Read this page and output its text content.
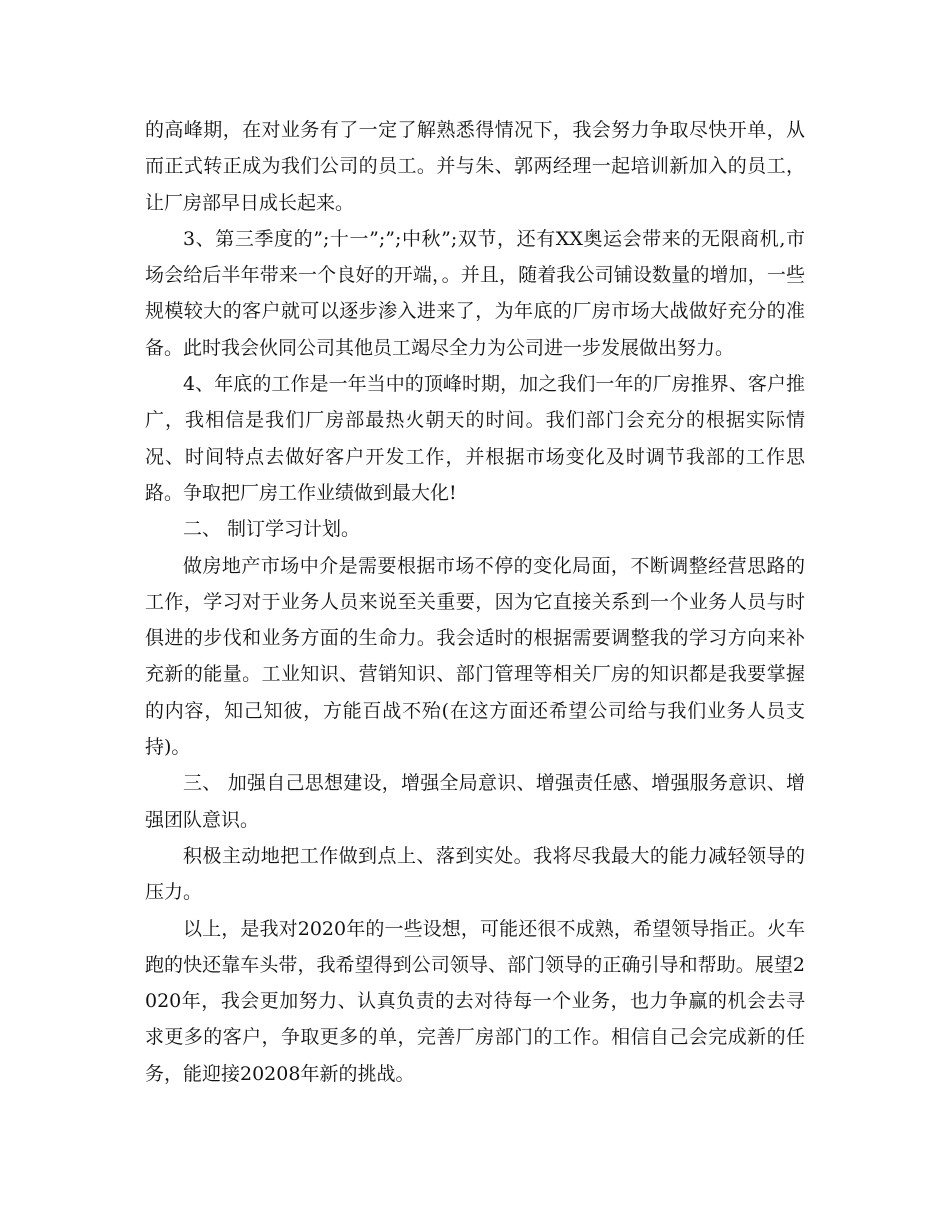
的高峰期，在对业务有了一定了解熟悉得情况下，我会努力争取尽快开单，从而正式转正成为我们公司的员工。并与朱、郭两经理一起培训新加入的员工，让厂房部早日成长起来。

3、第三季度的”;十一”;”;中秋”;双节，还有XX奥运会带来的无限商机,市场会给后半年带来一个良好的开端，。并且，随着我公司铺设数量的增加，一些规模较大的客户就可以逐步渗入进来了，为年底的厂房市场大战做好充分的准备。此时我会伙同公司其他员工竭尽全力为公司进一步发展做出努力。

4、年底的工作是一年当中的顶峰时期，加之我们一年的厂房推界、客户推广，我相信是我们厂房部最热火朝天的时间。我们部门会充分的根据实际情况、时间特点去做好客户开发工作，并根据市场变化及时调节我部的工作思路。争取把厂房工作业绩做到最大化!

二、 制订学习计划。

做房地产市场中介是需要根据市场不停的变化局面，不断调整经营思路的工作，学习对于业务人员来说至关重要，因为它直接关系到一个业务人员与时俱进的步伐和业务方面的生命力。我会适时的根据需要调整我的学习方向来补充新的能量。工业知识、营销知识、部门管理等相关厂房的知识都是我要掌握的内容，知己知彼，方能百战不殆(在这方面还希望公司给与我们业务人员支持)。

三、 加强自己思想建设，增强全局意识、增强责任感、增强服务意识、增强团队意识。

积极主动地把工作做到点上、落到实处。我将尽我最大的能力减轻领导的压力。

以上，是我对2020年的一些设想，可能还很不成熟，希望领导指正。火车跑的快还靠车头带，我希望得到公司领导、部门领导的正确引导和帮助。展望2020年，我会更加努力、认真负责的去对待每一个业务，也力争赢的机会去寻求更多的客户，争取更多的单，完善厂房部门的工作。相信自己会完成新的任务，能迎接20208年新的挑战。
